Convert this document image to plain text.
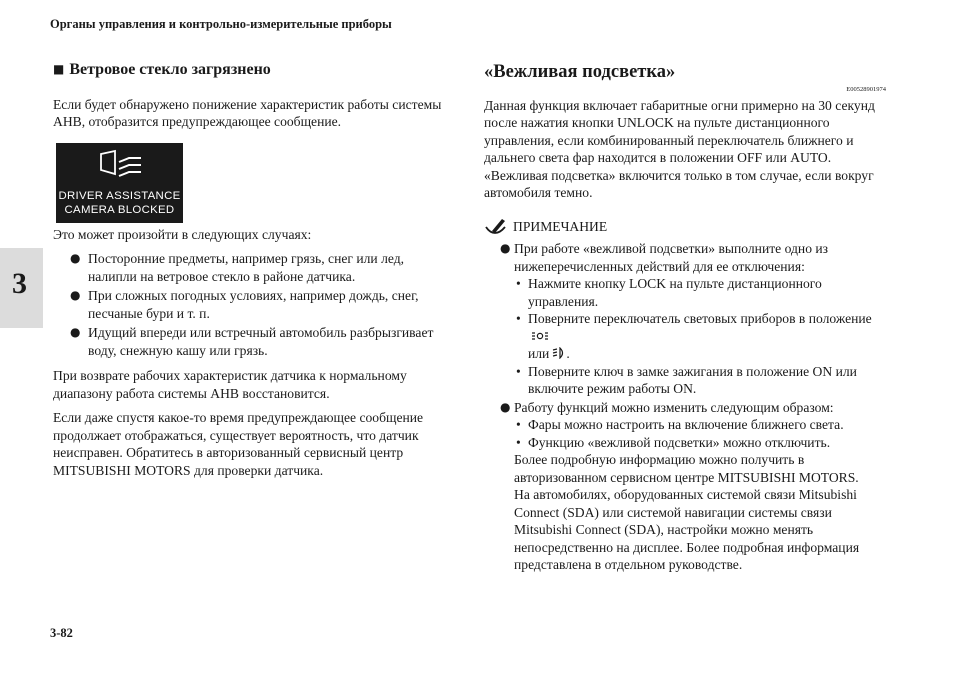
Органы управления и контрольно-измерительные приборы
3
■ Ветровое стекло загрязнено

Если будет обнаружено понижение характеристик работы системы АНВ, отобразится предупреждающее сообщение.

DRIVER ASSISTANCE
CAMERA BLOCKED

Это может произойти в следующих случаях:

● Посторонние предметы, например грязь, снег или лед, налипли на ветровое стекло в районе датчика.
● При сложных погодных условиях, например дождь, снег, песчаные бури и т. п.
● Идущий впереди или встречный автомобиль разбрызгивает воду, снежную кашу или грязь.

При возврате рабочих характеристик датчика к нормальному диапазону работа системы АНВ восстановится.

Если даже спустя какое-то время предупреждающее сообщение продолжает отображаться, существует вероятность, что датчик неисправен. Обратитесь в авторизованный сервисный центр MITSUBISHI MOTORS для проверки датчика.

«Вежливая подсветка»
E00528901974

Данная функция включает габаритные огни примерно на 30 секунд после нажатия кнопки UNLOCK на пульте дистанционного управления, если комбинированный переключатель ближнего и дальнего света фар находится в положении OFF или AUTO. «Вежливая подсветка» включится только в том случае, если вокруг автомобиля темно.

ПРИМЕЧАНИЕ
● При работе «вежливой подсветки» выполните одно из нижеперечисленных действий для ее отключения:
• Нажмите кнопку LOCK на пульте дистанционного управления.
• Поверните переключатель световых приборов в положение
или .
• Поверните ключ в замке зажигания в положение ON или включите режим работы ON.
● Работу функций можно изменить следующим образом:
• Фары можно настроить на включение ближнего света.
• Функцию «вежливой подсветки» можно отключить.
Более подробную информацию можно получить в авторизованном сервисном центре MITSUBISHI MOTORS.
На автомобилях, оборудованных системой связи Mitsubishi Connect (SDA) или системой навигации системы связи Mitsubishi Connect (SDA), настройки можно менять непосредственно на дисплее. Более подробная информация представлена в отдельном руководстве.
3-82
